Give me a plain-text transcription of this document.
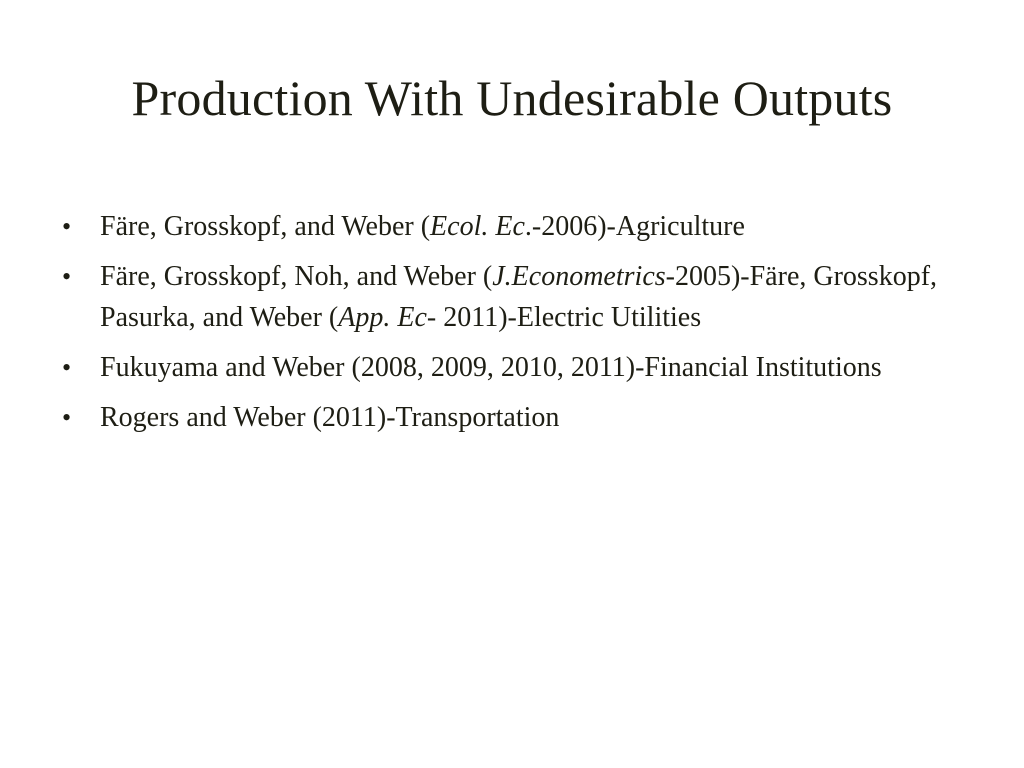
Production With Undesirable Outputs
• Färe, Grosskopf, and Weber (Ecol. Ec.-2006)-Agriculture
• Färe, Grosskopf, Noh, and Weber (J.Econometrics-2005)-Färe, Grosskopf, Pasurka, and Weber (App. Ec- 2011)-Electric Utilities
• Fukuyama and Weber (2008, 2009, 2010, 2011)-Financial Institutions
• Rogers and Weber (2011)-Transportation
